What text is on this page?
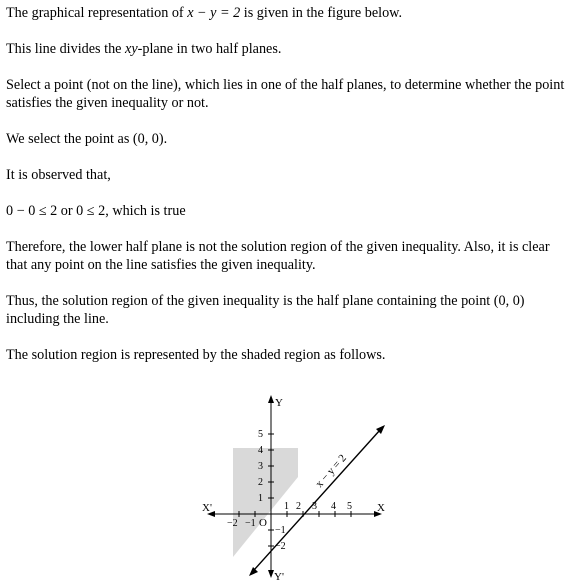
The graphical representation of x − y = 2 is given in the figure below.

This line divides the xy-plane in two half planes.

Select a point (not on the line), which lies in one of the half planes, to determine whether the point satisfies the given inequality or not.

We select the point as (0, 0).

It is observed that,

0 − 0 ≤ 2 or 0 ≤ 2, which is true

Therefore, the lower half plane is not the solution region of the given inequality. Also, it is clear that any point on the line satisfies the given inequality.

Thus, the solution region of the given inequality is the half plane containing the point (0, 0) including the line.

The solution region is represented by the shaded region as follows.

x − y = 2
X
X'
Y
Y'
O
−2 −1
1 2 3 4 5
5
4
3
2
1
−1
−2
